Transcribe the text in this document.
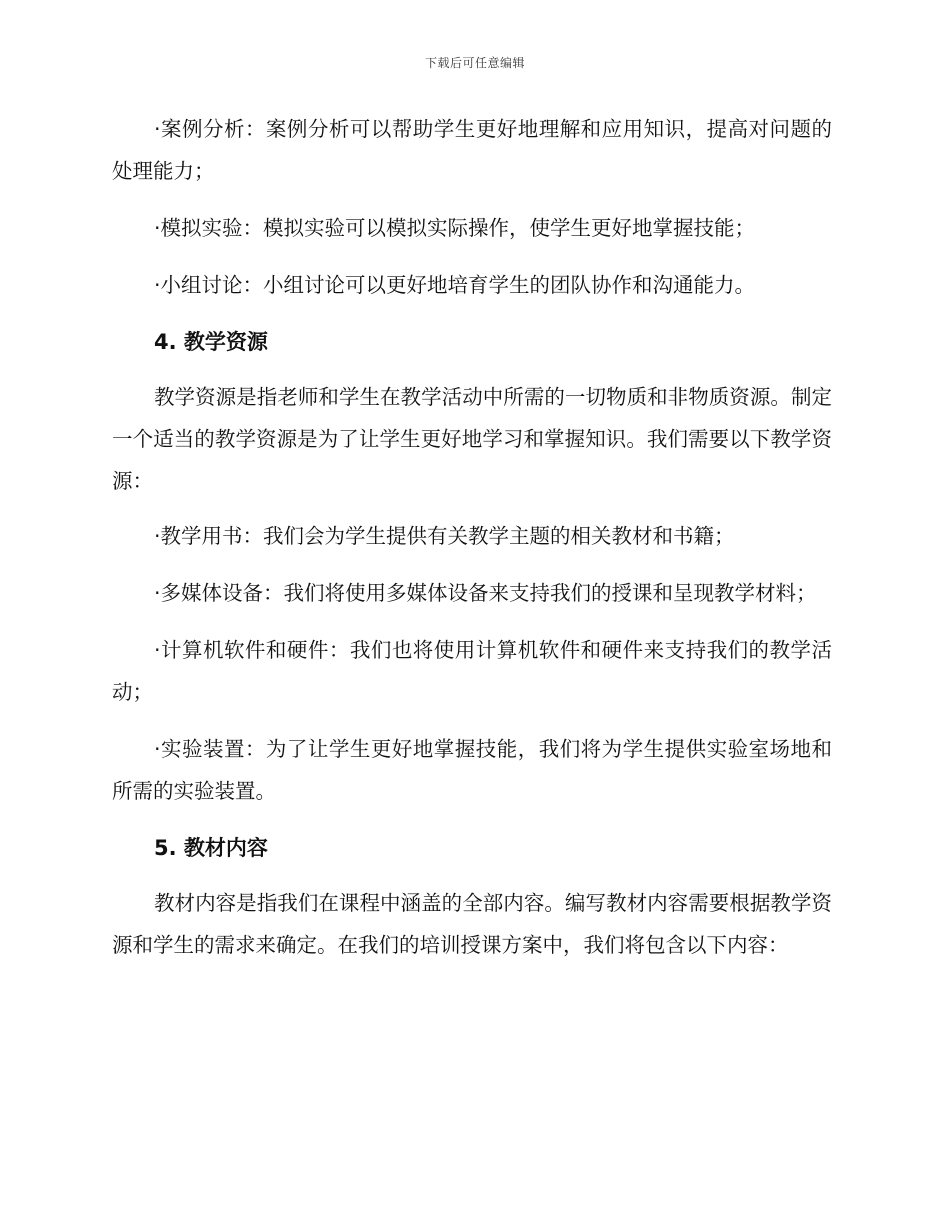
下载后可任意编辑

·案例分析：案例分析可以帮助学生更好地理解和应用知识，提高对问题的处理能力；

·模拟实验：模拟实验可以模拟实际操作，使学生更好地掌握技能；

·小组讨论：小组讨论可以更好地培育学生的团队协作和沟通能力。

4. 教学资源

教学资源是指老师和学生在教学活动中所需的一切物质和非物质资源。制定一个适当的教学资源是为了让学生更好地学习和掌握知识。我们需要以下教学资源：

·教学用书：我们会为学生提供有关教学主题的相关教材和书籍；

·多媒体设备：我们将使用多媒体设备来支持我们的授课和呈现教学材料；

·计算机软件和硬件：我们也将使用计算机软件和硬件来支持我们的教学活动；

·实验装置：为了让学生更好地掌握技能，我们将为学生提供实验室场地和所需的实验装置。

5. 教材内容

教材内容是指我们在课程中涵盖的全部内容。编写教材内容需要根据教学资源和学生的需求来确定。在我们的培训授课方案中，我们将包含以下内容：
